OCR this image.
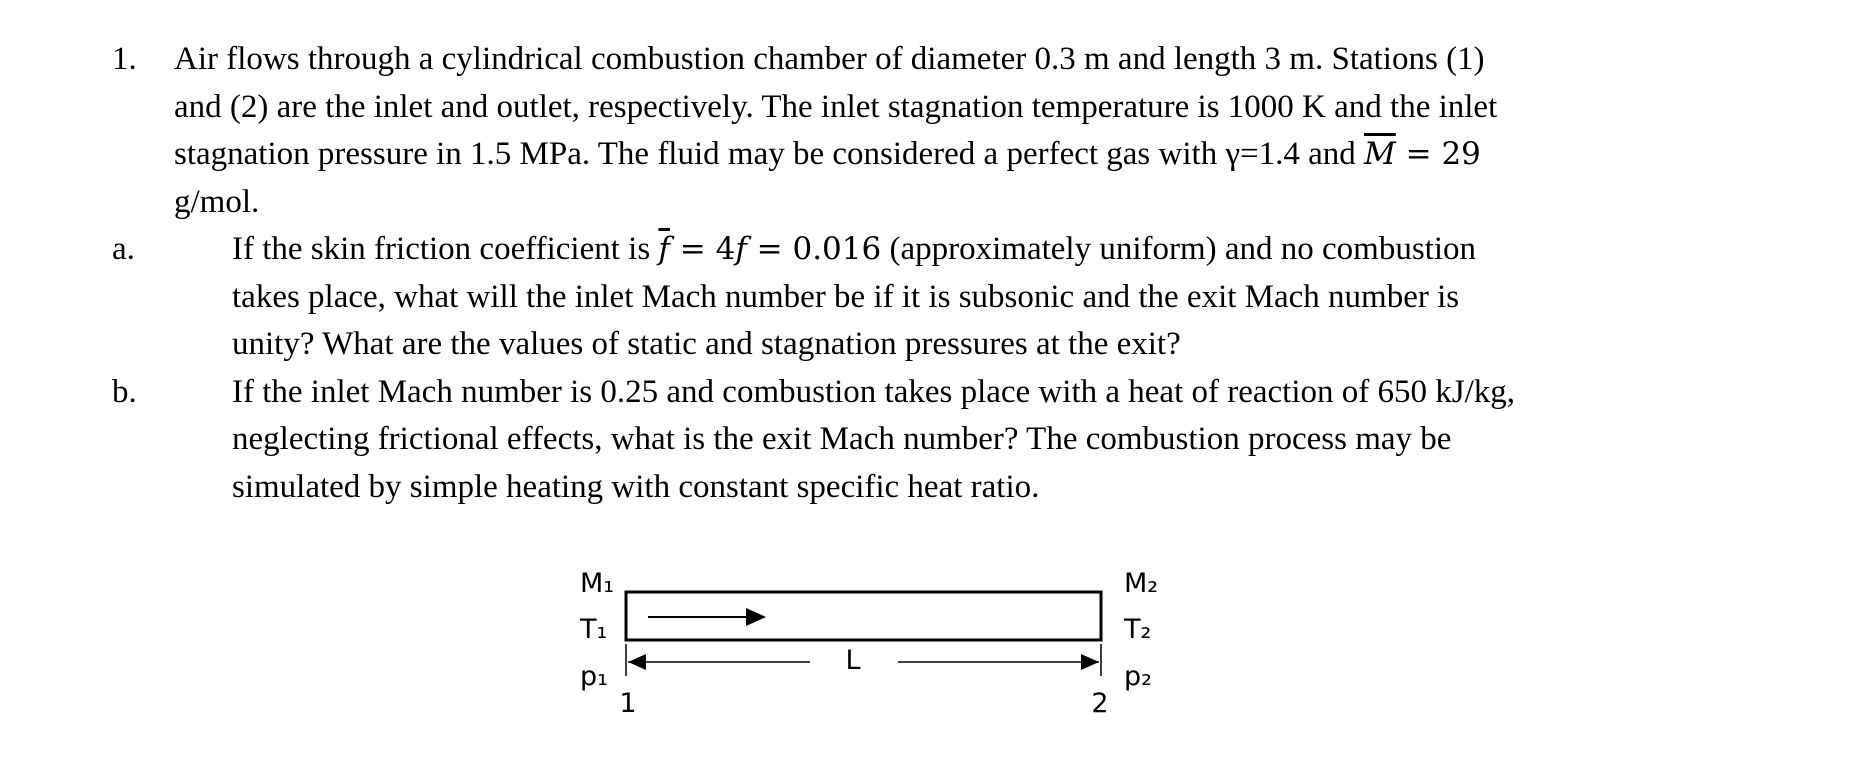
1. Air flows through a cylindrical combustion chamber of diameter 0.3 m and length 3 m. Stations (1)
and (2) are the inlet and outlet, respectively. The inlet stagnation temperature is 1000 K and the inlet
stagnation pressure in 1.5 MPa. The fluid may be considered a perfect gas with γ=1.4 and $\overline{M} = 29$
g/mol.
a.	If the skin friction coefficient is $\overline{f} = 4f = 0.016$ (approximately uniform) and no combustion
takes place, what will the inlet Mach number be if it is subsonic and the exit Mach number is
unity? What are the values of static and stagnation pressures at the exit?
b.	If the inlet Mach number is 0.25 and combustion takes place with a heat of reaction of 650 kJ/kg,
neglecting frictional effects, what is the exit Mach number? The combustion process may be
simulated by simple heating with constant specific heat ratio.
L
M₁
T₁
p₁
1
M₂
T₂
p₂
2
